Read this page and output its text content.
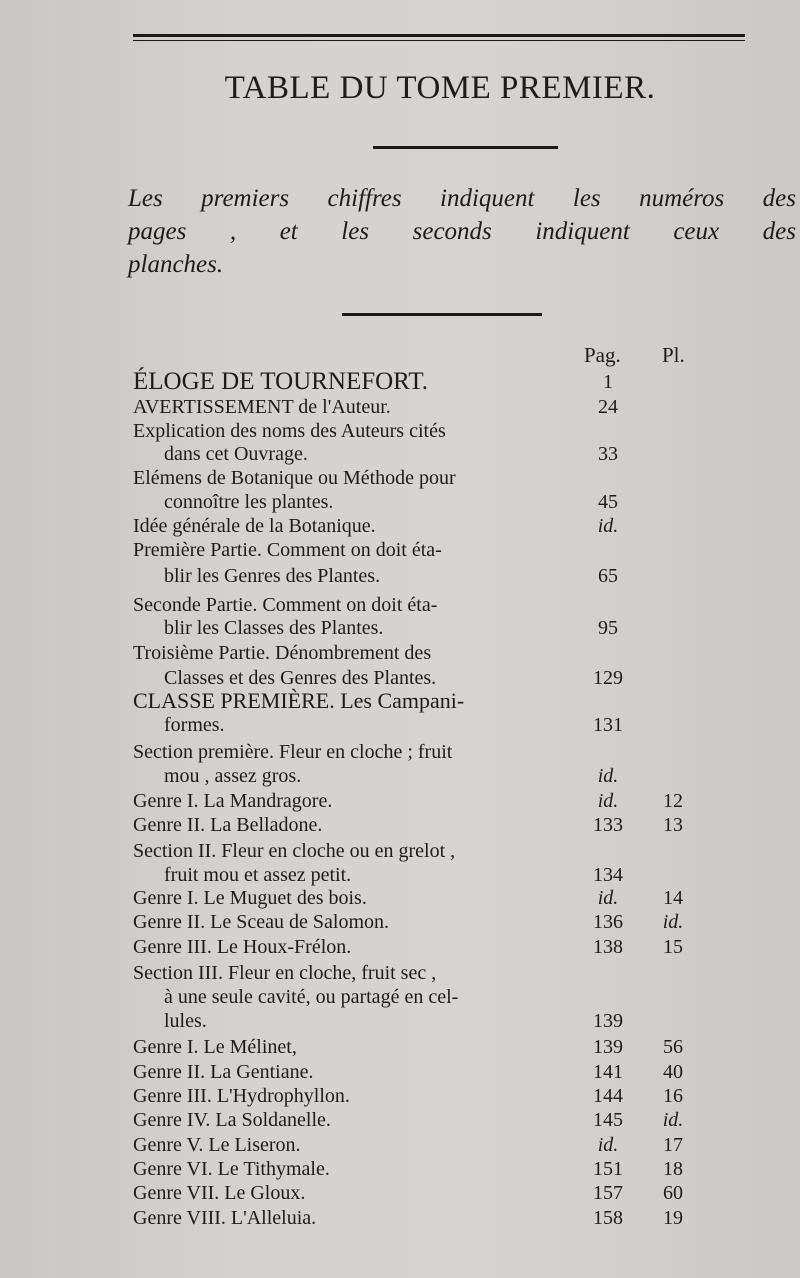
TABLE DU TOME PREMIER.
Les premiers chiffres indiquent les numéros des
pages , et les seconds indiquent ceux des
planches.
Pag. Pl.
ÉLOGE DE TOURNEFORT.	1
AVERTISSEMENT de l'Auteur.	24
Explication des noms des Auteurs cités
dans cet Ouvrage.	33
Elémens de Botanique ou Méthode pour
connoître les plantes.	45
Idée générale de la Botanique.	id.
Première Partie. Comment on doit éta-
blir les Genres des Plantes.	65
Seconde Partie. Comment on doit éta-
blir les Classes des Plantes.	95
Troisième Partie. Dénombrement des
Classes et des Genres des Plantes.	129
CLASSE PREMIÈRE. Les Campani-
formes.	131
Section première. Fleur en cloche ; fruit
mou , assez gros.	id.
Genre I. La Mandragore.	id.	12
Genre II. La Belladone.	133	13
Section II. Fleur en cloche ou en grelot ,
fruit mou et assez petit.	134
Genre I. Le Muguet des bois.	id.	14
Genre II. Le Sceau de Salomon.	136	id.
Genre III. Le Houx-Frélon.	138	15
Section III. Fleur en cloche, fruit sec ,
à une seule cavité, ou partagé en cel-
lules.	139
Genre I. Le Mélinet,	139	56
Genre II. La Gentiane.	141	40
Genre III. L'Hydrophyllon.	144	16
Genre IV. La Soldanelle.	145	id.
Genre V. Le Liseron.	id.	17
Genre VI. Le Tithymale.	151	18
Genre VII. Le Gloux.	157	60
Genre VIII. L'Alleluia.	158	19
